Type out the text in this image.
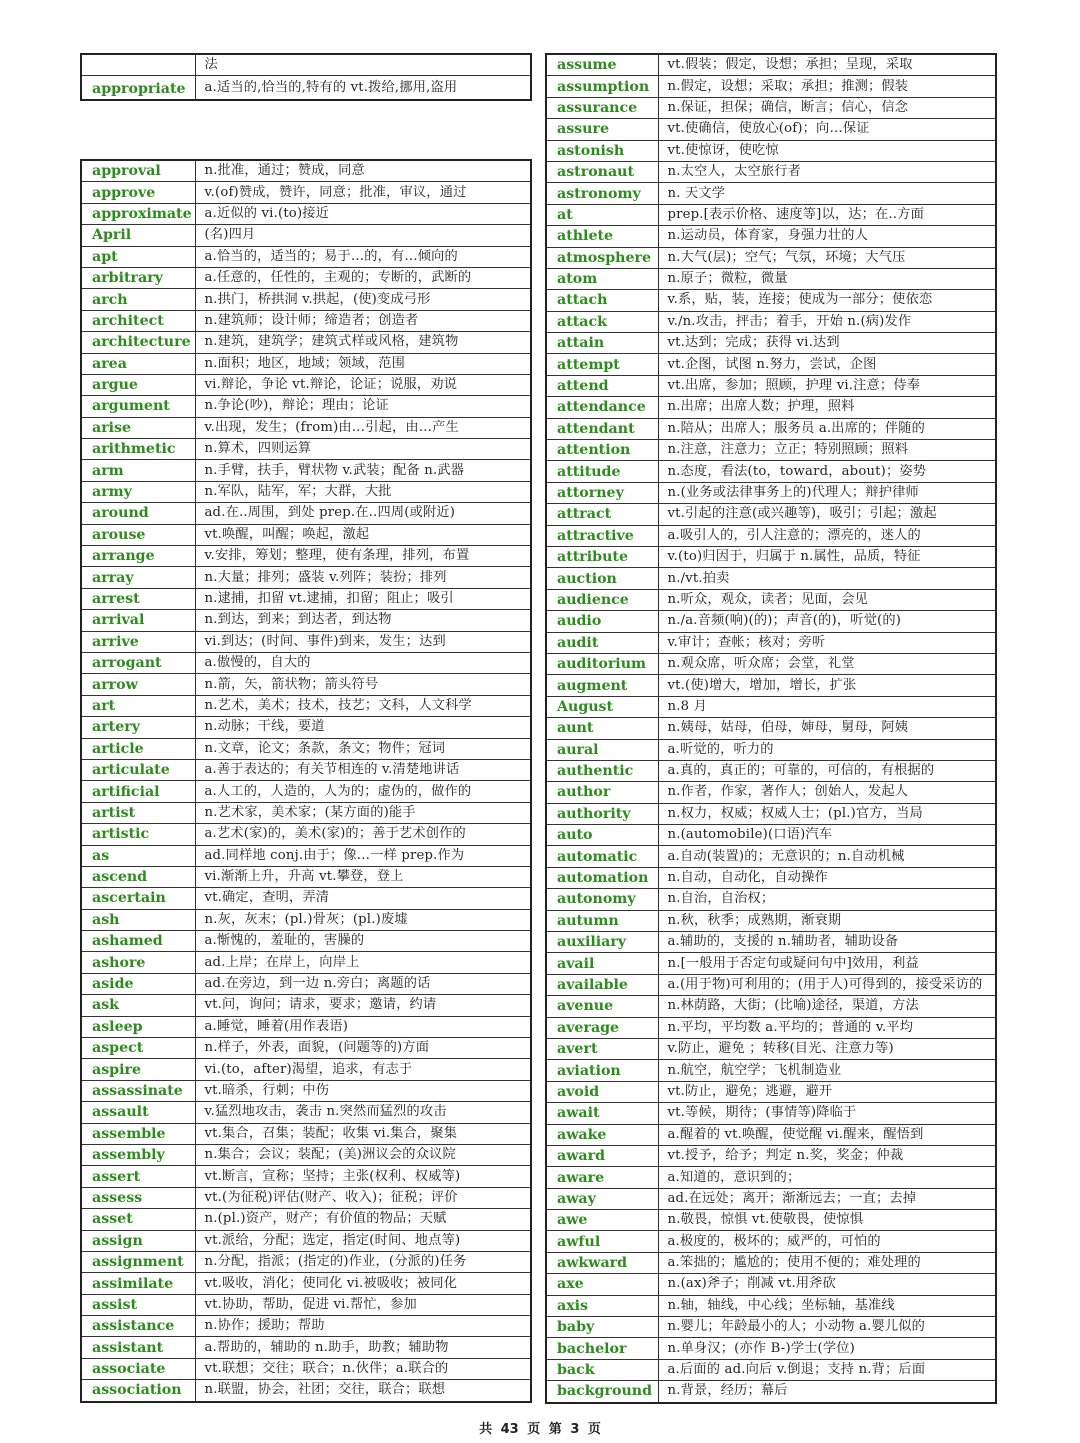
	法
appropriate	a.适当的,恰当的,特有的 vt.拨给,挪用,盗用
approval	n.批准，通过；赞成，同意
approve	v.(of)赞成，赞许，同意；批准，审议，通过
approximate	a.近似的 vi.(to)接近
April	(名)四月
apt	a.恰当的，适当的；易于…的，有…倾向的
arbitrary	a.任意的，任性的，主观的；专断的，武断的
arch	n.拱门，桥拱洞 v.拱起，(使)变成弓形
architect	n.建筑师；设计师；缔造者；创造者
architecture	n.建筑，建筑学；建筑式样或风格，建筑物
area	n.面积；地区，地域；领域，范围
argue	vi.辩论，争论 vt.辩论，论证；说服，劝说
argument	n.争论(吵)，辩论；理由；论证
arise	v.出现，发生；(from)由…引起，由…产生
arithmetic	n.算术，四则运算
arm	n.手臂，扶手，臂状物 v.武装；配备 n.武器
army	n.军队，陆军，军；大群，大批
around	ad.在..周围，到处 prep.在..四周(或附近)
arouse	vt.唤醒，叫醒；唤起，激起
arrange	v.安排，筹划；整理，使有条理，排列，布置
array	n.大量；排列；盛装 v.列阵；装扮；排列
arrest	n.逮捕，扣留 vt.逮捕，扣留；阻止；吸引
arrival	n.到达，到来；到达者，到达物
arrive	vi.到达；(时间、事件)到来，发生；达到
arrogant	a.傲慢的，自大的
arrow	n.箭，矢，箭状物；箭头符号
art	n.艺术，美术；技术，技艺；文科，人文科学
artery	n.动脉；干线，要道
article	n.文章，论文；条款，条文；物件；冠词
articulate	a.善于表达的；有关节相连的 v.清楚地讲话
artificial	a.人工的，人造的，人为的；虚伪的，做作的
artist	n.艺术家，美术家；(某方面的)能手
artistic	a.艺术(家)的，美术(家)的；善于艺术创作的
as	ad.同样地 conj.由于；像…一样 prep.作为
ascend	vi.渐渐上升，升高 vt.攀登，登上
ascertain	vt.确定，查明，弄清
ash	n.灰，灰末；(pl.)骨灰；(pl.)废墟
ashamed	a.惭愧的，羞耻的，害臊的
ashore	ad.上岸；在岸上，向岸上
aside	ad.在旁边，到一边 n.旁白；离题的话
ask	vt.问，询问；请求，要求；邀请，约请
asleep	a.睡觉，睡着(用作表语)
aspect	n.样子，外表，面貌，(问题等的)方面
aspire	vi.(to，after)渴望，追求，有志于
assassinate	vt.暗杀，行刺；中伤
assault	v.猛烈地攻击，袭击 n.突然而猛烈的攻击
assemble	vt.集合，召集；装配；收集 vi.集合，聚集
assembly	n.集合；会议；装配；(美)洲议会的众议院
assert	vt.断言，宣称；坚持；主张(权利、权威等)
assess	vt.(为征税)评估(财产、收入)；征税；评价
asset	n.(pl.)资产，财产；有价值的物品；天赋
assign	vt.派给，分配；选定，指定(时间、地点等)
assignment	n.分配，指派；(指定的)作业，(分派的)任务
assimilate	vt.吸收，消化；使同化 vi.被吸收；被同化
assist	vt.协助，帮助，促进 vi.帮忙，参加
assistance	n.协作；援助；帮助
assistant	a.帮助的，辅助的 n.助手，助教；辅助物
associate	vt.联想；交往；联合；n.伙伴；a.联合的
association	n.联盟，协会，社团；交往，联合；联想
assume	vt.假装；假定，设想；承担；呈现，采取
assumption	n.假定，设想；采取；承担；推测；假装
assurance	n.保证，担保；确信，断言；信心，信念
assure	vt.使确信，使放心(of)；向…保证
astonish	vt.使惊讶，使吃惊
astronaut	n.太空人，太空旅行者
astronomy	n. 天文学
at	prep.[表示价格、速度等]以，达；在..方面
athlete	n.运动员，体育家，身强力壮的人
atmosphere	n.大气(层)；空气；气氛，环境；大气压
atom	n.原子；微粒，微量
attach	v.系，贴，装，连接；使成为一部分；使依恋
attack	v./n.攻击，抨击；着手，开始 n.(病)发作
attain	vt.达到；完成；获得 vi.达到
attempt	vt.企图，试图 n.努力，尝试，企图
attend	vt.出席，参加；照顾，护理 vi.注意；侍奉
attendance	n.出席；出席人数；护理，照料
attendant	n.陪从；出席人；服务员 a.出席的；伴随的
attention	n.注意，注意力；立正；特别照顾；照料
attitude	n.态度，看法(to，toward，about)；姿势
attorney	n.(业务或法律事务上的)代理人；辩护律师
attract	vt.引起的注意(或兴趣等)，吸引；引起；激起
attractive	a.吸引人的，引人注意的；漂亮的，迷人的
attribute	v.(to)归因于，归属于 n.属性，品质，特征
auction	n./vt.拍卖
audience	n.听众，观众，读者；见面，会见
audio	n./a.音频(响)(的)；声音(的)，听觉(的)
audit	v.审计；查帐；核对；旁听
auditorium	n.观众席，听众席；会堂，礼堂
augment	vt.(使)增大，增加，增长，扩张
August	n.8 月
aunt	n.姨母，姑母，伯母，婶母，舅母，阿姨
aural	a.听觉的，听力的
authentic	a.真的，真正的；可靠的，可信的，有根据的
author	n.作者，作家，著作人；创始人，发起人
authority	n.权力，权威；权威人士；(pl.)官方，当局
auto	n.(automobile)(口语)汽车
automatic	a.自动(装置)的；无意识的；n.自动机械
automation	n.自动，自动化，自动操作
autonomy	n.自治，自治权；
autumn	n.秋，秋季；成熟期，渐衰期
auxiliary	a.辅助的，支援的 n.辅助者，辅助设备
avail	n.[一般用于否定句或疑问句中]效用，利益
available	a.(用于物)可利用的；(用于人)可得到的，接受采访的
avenue	n.林荫路，大街；(比喻)途径，渠道，方法
average	n.平均，平均数 a.平均的；普通的 v.平均
avert	v.防止，避免 ；转移(目光、注意力等)
aviation	n.航空，航空学；飞机制造业
avoid	vt.防止，避免；逃避，避开
await	vt.等候，期待；(事情等)降临于
awake	a.醒着的 vt.唤醒，使觉醒 vi.醒来，醒悟到
award	vt.授予，给予；判定 n.奖，奖金；仲裁
aware	a.知道的，意识到的；
away	ad.在远处；离开；渐渐远去；一直；去掉
awe	n.敬畏，惊惧 vt.使敬畏，使惊惧
awful	a.极度的，极坏的；威严的，可怕的
awkward	a.笨拙的；尴尬的；使用不便的；难处理的
axe	n.(ax)斧子；削减 vt.用斧砍
axis	n.轴，轴线，中心线；坐标轴，基准线
baby	n.婴儿；年龄最小的人；小动物 a.婴儿似的
bachelor	n.单身汉；(亦作 B-)学士(学位)
back	a.后面的 ad.向后 v.倒退；支持 n.背；后面
background	n.背景，经历；幕后
共 43 页 第 3 页
